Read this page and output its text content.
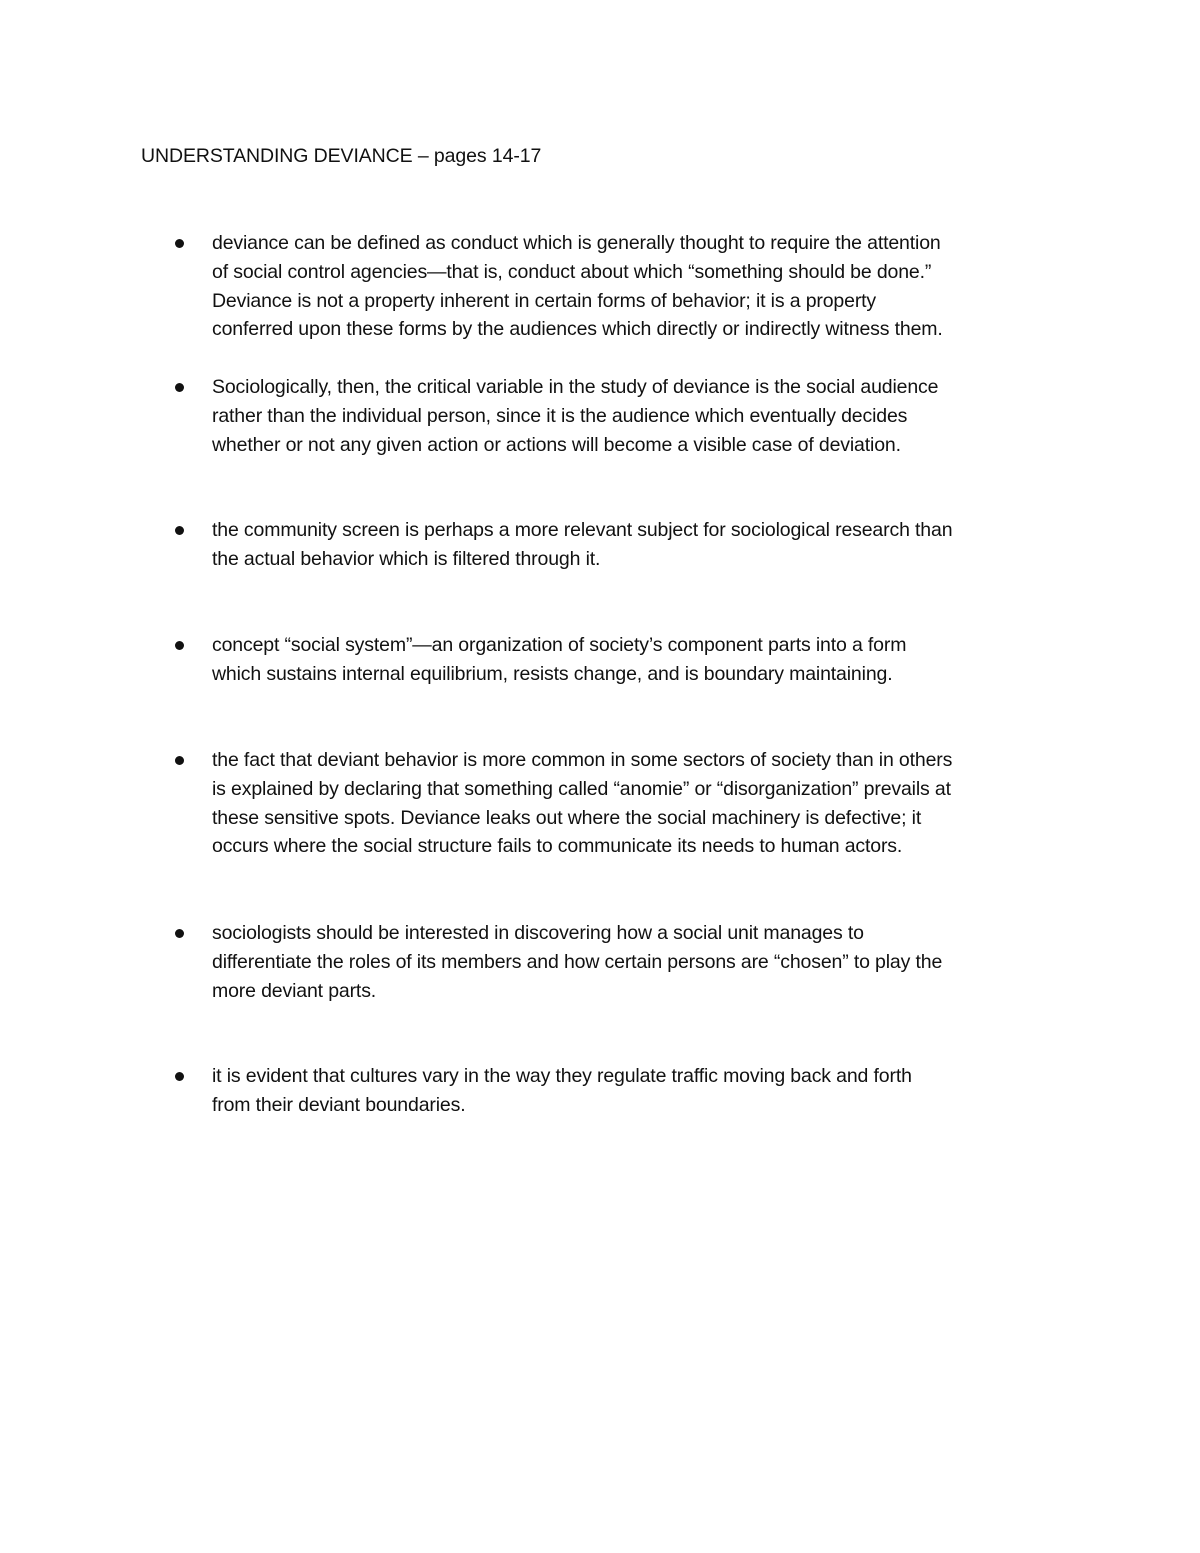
UNDERSTANDING DEVIANCE – pages 14-17
deviance can be defined as conduct which is generally thought to require the attention
of social control agencies—that is, conduct about which “something should be done.”
Deviance is not a property inherent in certain forms of behavior; it is a property
conferred upon these forms by the audiences which directly or indirectly witness them.
Sociologically, then, the critical variable in the study of deviance is the social audience
rather than the individual person, since it is the audience which eventually decides
whether or not any given action or actions will become a visible case of deviation.
the community screen is perhaps a more relevant subject for sociological research than
the actual behavior which is filtered through it.
concept “social system”—an organization of society’s component parts into a form
which sustains internal equilibrium, resists change, and is boundary maintaining.
the fact that deviant behavior is more common in some sectors of society than in others
is explained by declaring that something called “anomie” or “disorganization” prevails at
these sensitive spots. Deviance leaks out where the social machinery is defective; it
occurs where the social structure fails to communicate its needs to human actors.
sociologists should be interested in discovering how a social unit manages to
differentiate the roles of its members and how certain persons are “chosen” to play the
more deviant parts.
it is evident that cultures vary in the way they regulate traffic moving back and forth
from their deviant boundaries.
